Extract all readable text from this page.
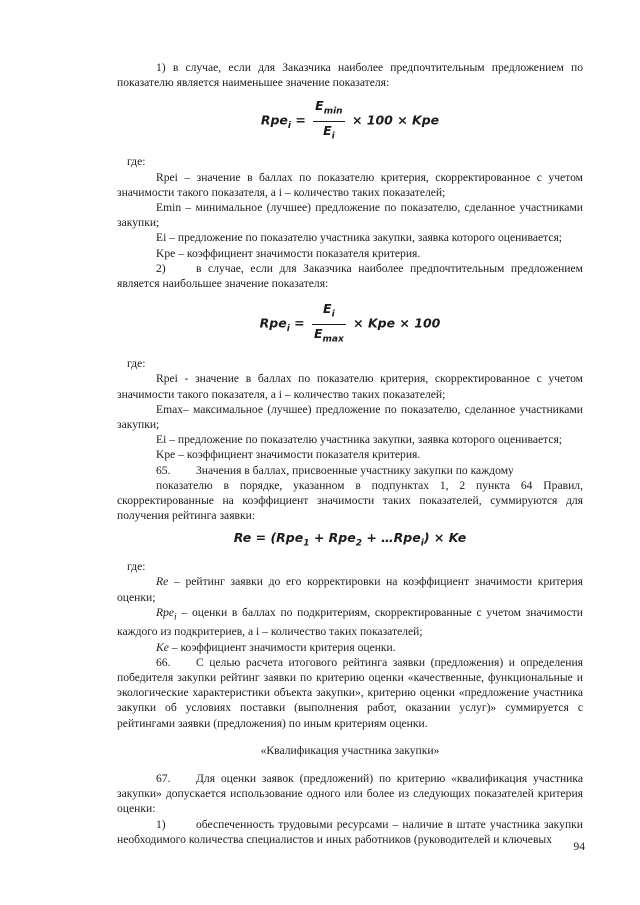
1) в случае, если для Заказчика наиболее предпочтительным предложением по показателю является наименьшее значение показателя:

$Rpe_i = \frac{E_{min}}{E_i} \times 100$ × Kpe

где:

Rpei – значение в баллах по показателю критерия, скорректированное с учетом значимости такого показателя, а i – количество таких показателей;

Emin – минимальное (лучшее) предложение по показателю, сделанное участниками закупки;

Ei – предложение по показателю участника закупки, заявка которого оценивается;

Kpe – коэффициент значимости показателя критерия.

2)	в случае, если для Заказчика наиболее предпочтительным предложением является наибольшее значение показателя:

$Rpe_i = \frac{E_i}{E_{max}}$ × Kpe × 100

где:

Rpei - значение в баллах по показателю критерия, скорректированное с учетом значимости такого показателя, а i – количество таких показателей;

Emax– максимальное (лучшее) предложение по показателю, сделанное участниками закупки;

Ei – предложение по показателю участника закупки, заявка которого оценивается;

Kpe – коэффициент значимости показателя критерия.

65. Значения в баллах, присвоенные участнику закупки по каждому

показателю в порядке, указанном в подпунктах 1, 2 пункта 64 Правил, скорректированные на коэффициент значимости таких показателей, суммируются для получения рейтинга заявки:

Re = (Rpe$_1$ + Rpe$_2$ + …Rpe$_i$) × Ke

где:

Re – рейтинг заявки до его корректировки на коэффициент значимости критерия оценки;

Rpe$_i$ – оценки в баллах по подкритериям, скорректированные с учетом значимости каждого из подкритериев, а i – количество таких показателей;

Ke – коэффициент значимости критерия оценки.

66. С целью расчета итогового рейтинга заявки (предложения) и определения победителя закупки рейтинг заявки по критерию оценки «качественные, функциональные и экологические характеристики объекта закупки», критерию оценки «предложение участника закупки об условиях поставки (выполнения работ, оказании услуг)» суммируется с рейтингами заявки (предложения) по иным критериям оценки.

«Квалификация участника закупки»

67. Для оценки заявок (предложений) по критерию «квалификация участника закупки» допускается использование одного или более из следующих показателей критерия оценки:

1)	обеспеченность трудовыми ресурсами – наличие в штате участника закупки необходимого количества специалистов и иных работников (руководителей и ключевых

94
